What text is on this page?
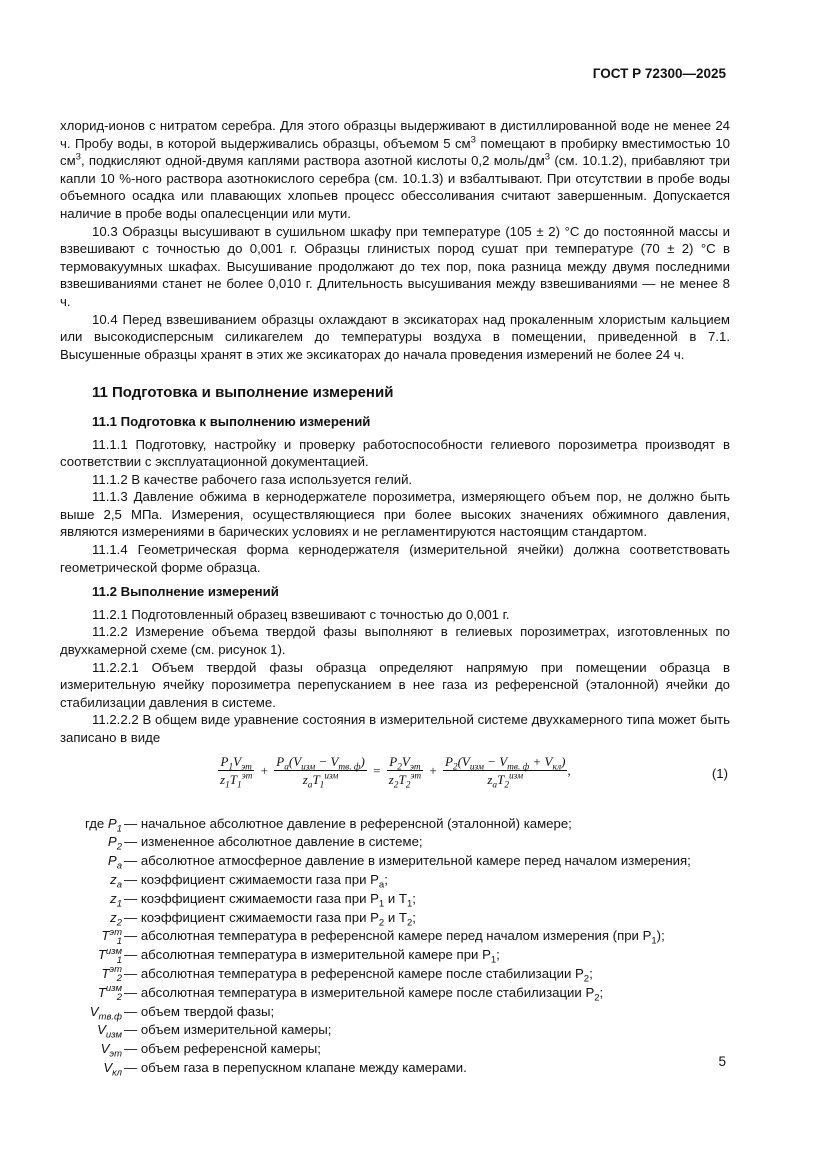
ГОСТ Р 72300—2025
хлорид-ионов с нитратом серебра. Для этого образцы выдерживают в дистиллированной воде не менее 24 ч. Пробу воды, в которой выдерживались образцы, объемом 5 $см^3$ помещают в пробирку вместимостью 10 $см^3$, подкисляют одной-двумя каплями раствора азотной кислоты 0,2 моль/$дм^3$ (см. 10.1.2), прибавляют три капли 10 %-ного раствора азотнокислого серебра (см. 10.1.3) и взбалтывают. При отсутствии в пробе воды объемного осадка или плавающих хлопьев процесс обессоливания считают завершенным. Допускается наличие в пробе воды опалесценции или мути.
10.3 Образцы высушивают в сушильном шкафу при температуре (105 ± 2) °С до постоянной массы и взвешивают с точностью до 0,001 г. Образцы глинистых пород сушат при температуре (70 ± 2) °С в термовакуумных шкафах. Высушивание продолжают до тех пор, пока разница между двумя последними взвешиваниями станет не более 0,010 г. Длительность высушивания между взвешиваниями — не менее 8 ч.
10.4 Перед взвешиванием образцы охлаждают в эксикаторах над прокаленным хлористым кальцием или высокодисперсным силикагелем до температуры воздуха в помещении, приведенной в 7.1. Высушенные образцы хранят в этих же эксикаторах до начала проведения измерений не более 24 ч.
11 Подготовка и выполнение измерений
11.1 Подготовка к выполнению измерений
11.1.1 Подготовку, настройку и проверку работоспособности гелиевого порозиметра производят в соответствии с эксплуатационной документацией.
11.1.2 В качестве рабочего газа используется гелий.
11.1.3 Давление обжима в кернодержателе порозиметра, измеряющего объем пор, не должно быть выше 2,5 МПа. Измерения, осуществляющиеся при более высоких значениях обжимного давления, являются измерениями в барических условиях и не регламентируются настоящим стандартом.
11.1.4 Геометрическая форма кернодержателя (измерительной ячейки) должна соответствовать геометрической форме образца.
11.2 Выполнение измерений
11.2.1 Подготовленный образец взвешивают с точностью до 0,001 г.
11.2.2 Измерение объема твердой фазы выполняют в гелиевых порозиметрах, изготовленных по двухкамерной схеме (см. рисунок 1).
11.2.2.1 Объем твердой фазы образца определяют напрямую при помещении образца в измерительную ячейку порозиметра перепусканием в нее газа из референсной (эталонной) ячейки до стабилизации давления в системе.
11.2.2.2 В общем виде уравнение состояния в измерительной системе двухкамерного типа может быть записано в виде
$\frac{P_1V_{эт}}{z_1T_1^{эт}} + \frac{P_a(V_{изм} - V_{тв. ф})}{z_aT_1^{изм}} = \frac{P_2V_{эт}}{z_2T_2^{эт}} + \frac{P_2(V_{изм} - V_{тв. ф} + V_{кл})}{z_aT_2^{изм}}$ ,	(1)
где $P_1$ — начальное абсолютное давление в референсной (эталонной) камере;
$P_2$ — измененное абсолютное давление в системе;
$P_a$ — абсолютное атмосферное давление в измерительной камере перед началом измерения;
$z_a$ — коэффициент сжимаемости газа при $P_a$;
$z_1$ — коэффициент сжимаемости газа при $P_1$ и $T_1$;
$z_2$ — коэффициент сжимаемости газа при $P_2$ и $T_2$;
T эт
1 — абсолютная температура в референсной камере перед началом измерения (при $P_1$);
T изм
1 — абсолютная температура в измерительной камере при $P_1$;
T эт
2 — абсолютная температура в референсной камере после стабилизации $P_2$;
T изм
2 — абсолютная температура в измерительной камере после стабилизации $P_2$;
$V_{тв.ф}$ — объем твердой фазы;
$V_{изм}$ — объем измерительной камеры;
$V_{эт}$ — объем референсной камеры;
$V_{кл}$ — объем газа в перепускном клапане между камерами.	5
